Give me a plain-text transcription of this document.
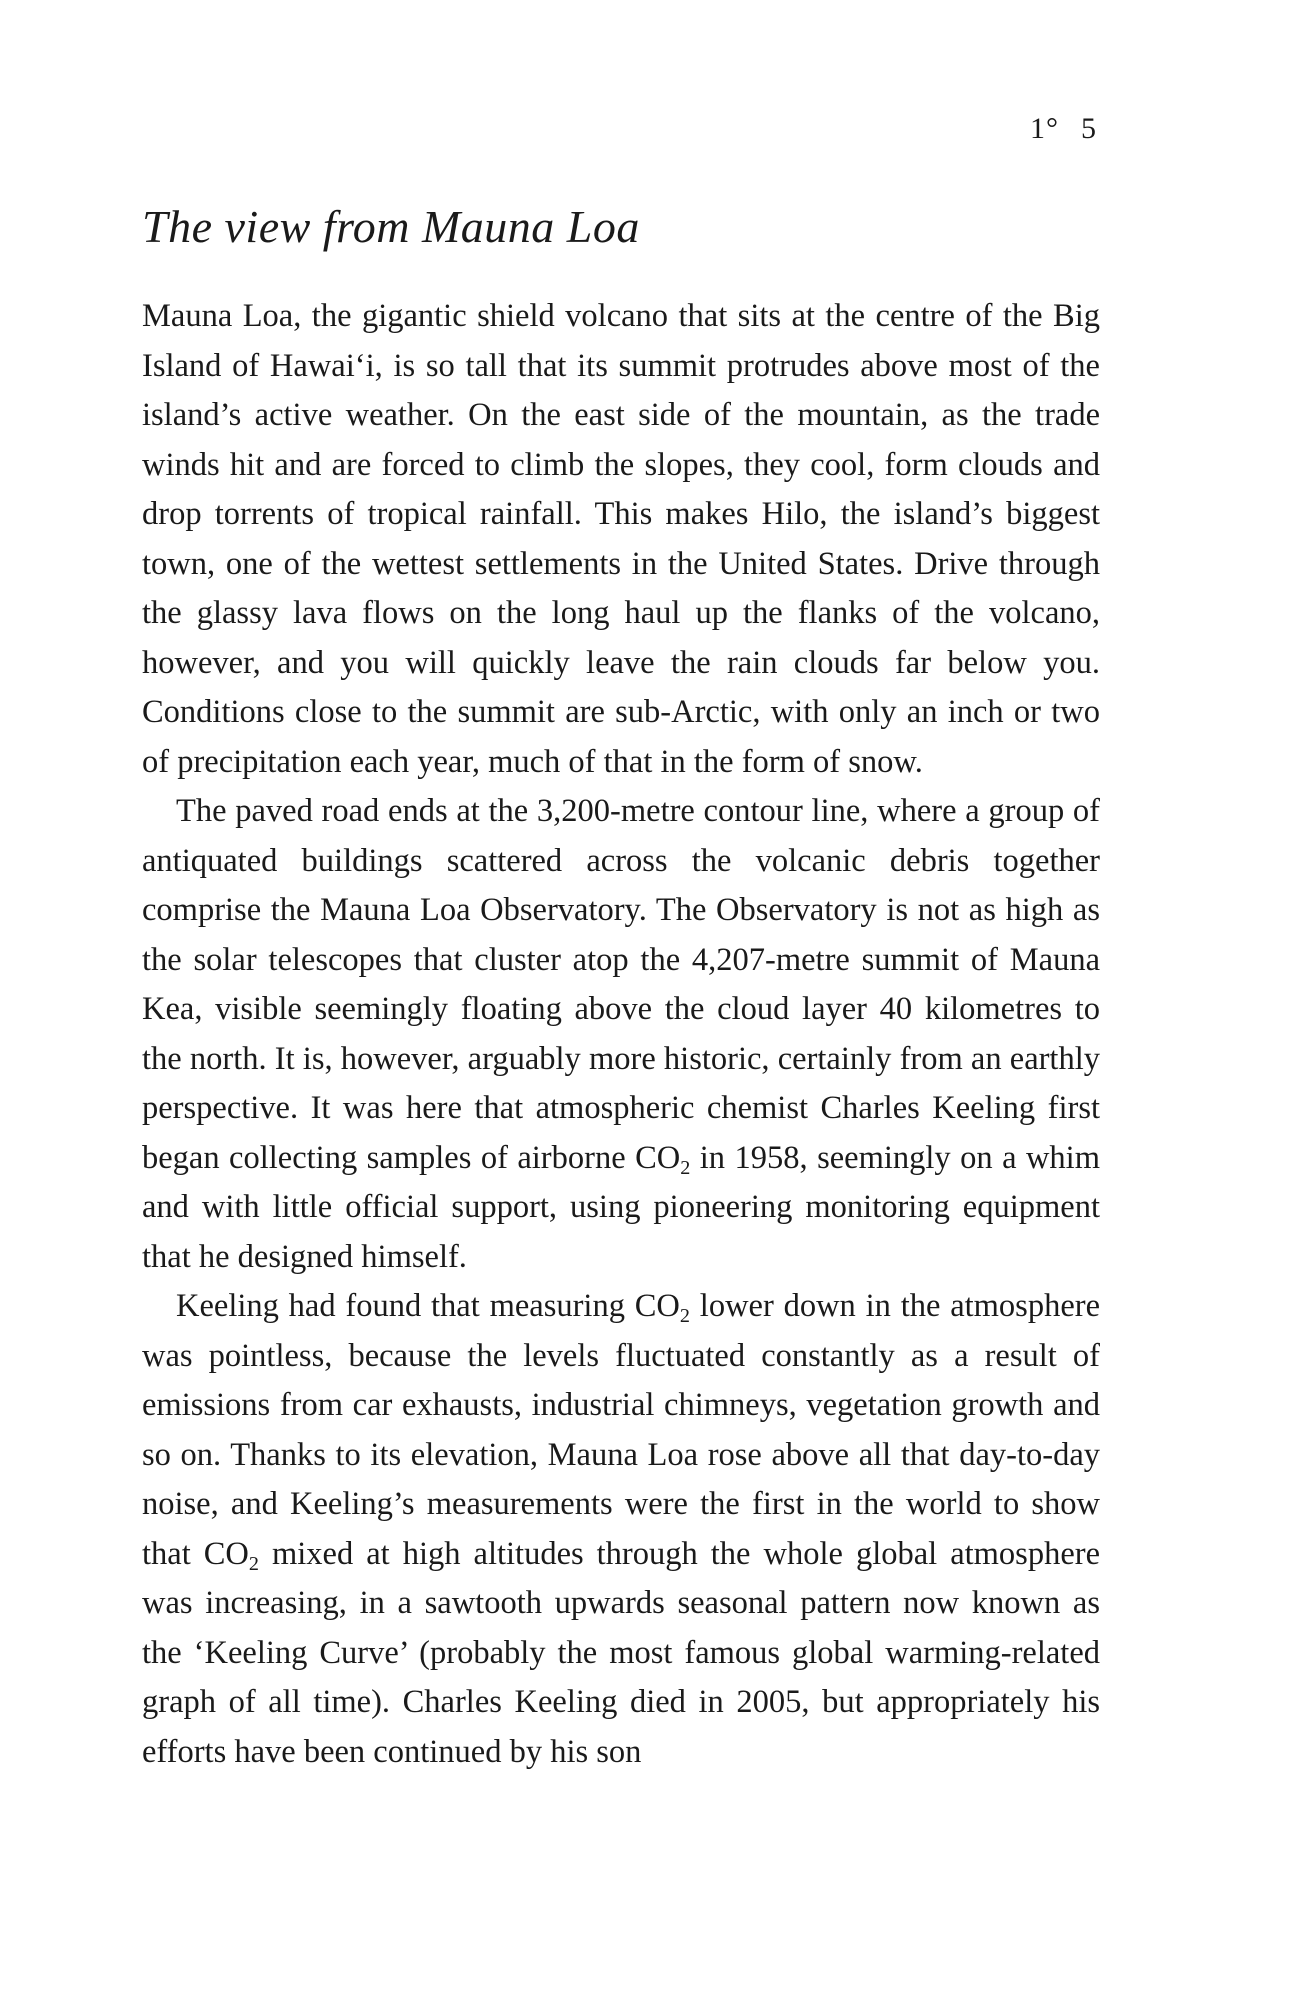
1° 5
The view from Mauna Loa

Mauna Loa, the gigantic shield volcano that sits at the centre of the Big Island of Hawai‘i, is so tall that its summit protrudes above most of the island’s active weather. On the east side of the mountain, as the trade winds hit and are forced to climb the slopes, they cool, form clouds and drop torrents of tropical rainfall. This makes Hilo, the island’s biggest town, one of the wettest settlements in the United States. Drive through the glassy lava flows on the long haul up the flanks of the volcano, however, and you will quickly leave the rain clouds far below you. Conditions close to the summit are sub-Arctic, with only an inch or two of precipitation each year, much of that in the form of snow.

The paved road ends at the 3,200-metre contour line, where a group of antiquated buildings scattered across the volcanic debris together comprise the Mauna Loa Observatory. The Observatory is not as high as the solar telescopes that cluster atop the 4,207-metre summit of Mauna Kea, visible seemingly floating above the cloud layer 40 kilometres to the north. It is, however, arguably more historic, certainly from an earthly perspective. It was here that atmospheric chemist Charles Keeling first began collecting samples of airborne CO2 in 1958, seemingly on a whim and with little official support, using pioneering monitoring equipment that he designed himself.

Keeling had found that measuring CO2 lower down in the atmosphere was pointless, because the levels fluctuated constantly as a result of emissions from car exhausts, industrial chimneys, vegetation growth and so on. Thanks to its elevation, Mauna Loa rose above all that day-to-day noise, and Keeling’s measurements were the first in the world to show that CO2 mixed at high altitudes through the whole global atmosphere was increasing, in a sawtooth upwards seasonal pattern now known as the ‘Keeling Curve’ (probably the most famous global warming-related graph of all time). Charles Keeling died in 2005, but appropriately his efforts have been continued by his son
